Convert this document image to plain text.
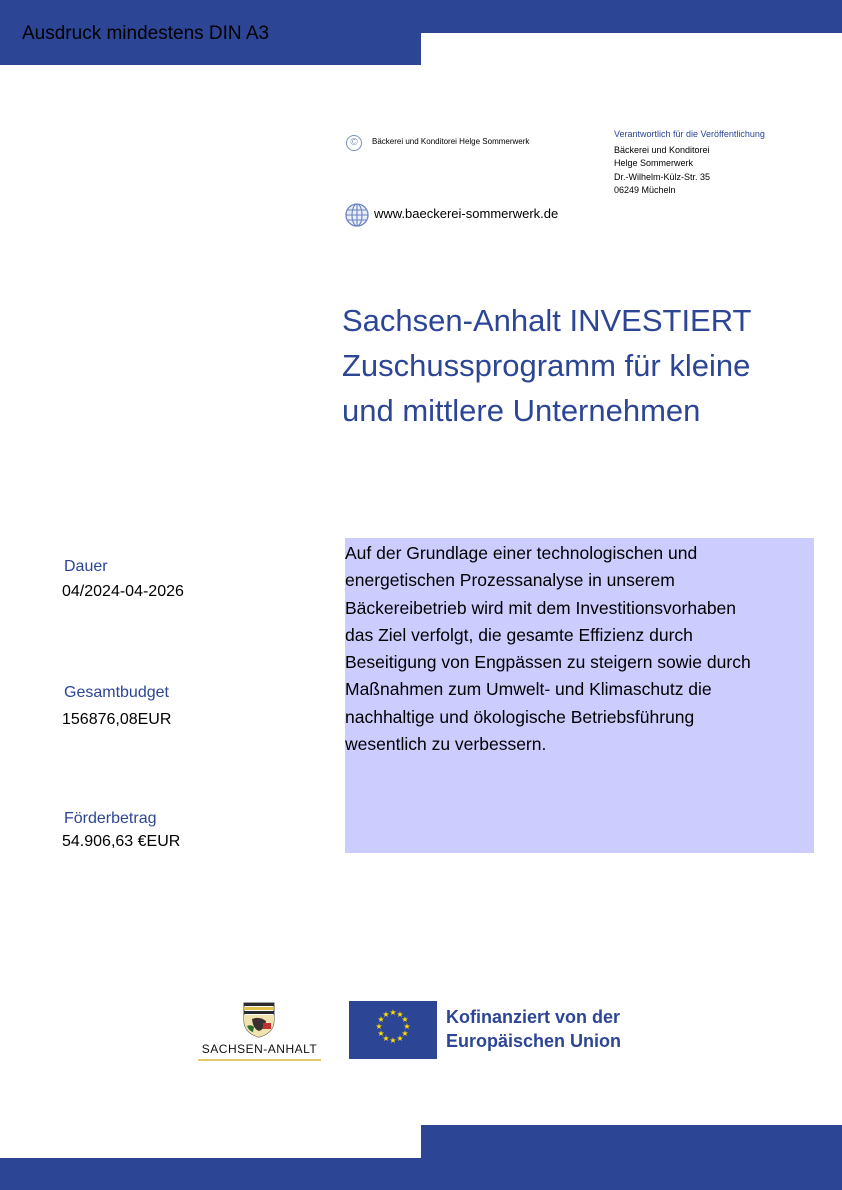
Ausdruck mindestens DIN A3
©	Bäckerei und Konditorei Helge Sommerwerk
www.baeckerei-sommerwerk.de
Verantwortlich für die Veröffentlichung
Bäckerei und Konditorei
Helge Sommerwerk
Dr.-Wilhelm-Külz-Str. 35
06249 Mücheln
Sachsen-Anhalt INVESTIERT
Zuschussprogramm für kleine
und mittlere Unternehmen
Dauer
04/2024-04-2026
Gesamtbudget
156876,08EUR
Förderbetrag
54.906,63 €EUR

Auf der Grundlage einer technologischen und
energetischen Prozessanalyse in unserem
Bäckereibetrieb wird mit dem Investitionsvorhaben
das Ziel verfolgt, die gesamte Effizienz durch
Beseitigung von Engpässen zu steigern sowie durch
Maßnahmen zum Umwelt- und Klimaschutz die
nachhaltige und ökologische Betriebsführung
wesentlich zu verbessern.

SACHSEN-ANHALT
★ ★
★
★
★
★
★
★
★
★
★
★	Kofinanziert von der
Europäischen Union
